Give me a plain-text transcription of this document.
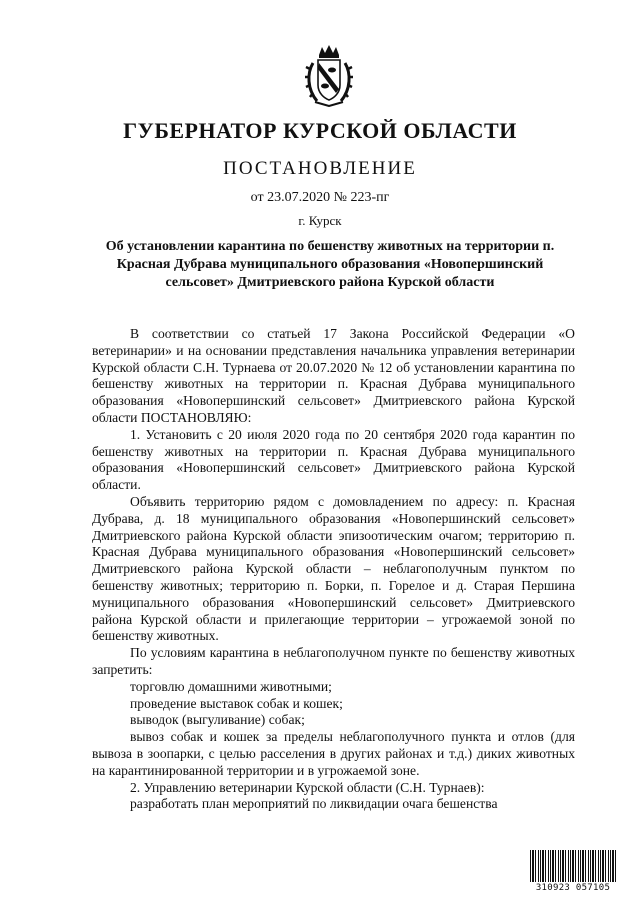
ГУБЕРНАТОР КУРСКОЙ ОБЛАСТИ
ПОСТАНОВЛЕНИЕ
от 23.07.2020 № 223-пг
г. Курск
Об установлении карантина по бешенству животных на территории п. Красная Дубрава муниципального образования «Новопершинский сельсовет» Дмитриевского района Курской области

В соответствии со статьей 17 Закона Российской Федерации «О ветеринарии» и на основании представления начальника управления ветеринарии Курской области С.Н. Турнаева от 20.07.2020 № 12 об установлении карантина по бешенству животных на территории п. Красная Дубрава муниципального образования «Новопершинский сельсовет» Дмитриевского района Курской области ПОСТАНОВЛЯЮ:

1. Установить с 20 июля 2020 года по 20 сентября 2020 года карантин по бешенству животных на территории п. Красная Дубрава муниципального образования «Новопершинский сельсовет» Дмитриевского района Курской области.

Объявить территорию рядом с домовладением по адресу: п. Красная Дубрава, д. 18 муниципального образования «Новопершинский сельсовет» Дмитриевского района Курской области эпизоотическим очагом; территорию п. Красная Дубрава муниципального образования «Новопершинский сельсовет» Дмитриевского района Курской области – неблагополучным пунктом по бешенству животных; территорию п. Борки, п. Горелое и д. Старая Першина муниципального образования «Новопершинский сельсовет» Дмитриевского района Курской области и прилегающие территории – угрожаемой зоной по бешенству животных.

По условиям карантина в неблагополучном пункте по бешенству животных запретить:

торговлю домашними животными;

проведение выставок собак и кошек;

выводок (выгуливание) собак;

вывоз собак и кошек за пределы неблагополучного пункта и отлов (для вывоза в зоопарки, с целью расселения в других районах и т.д.) диких животных на карантинированной территории и в угрожаемой зоне.

2. Управлению ветеринарии Курской области (С.Н. Турнаев):

разработать план мероприятий по ликвидации очага бешенства

310923 057105
